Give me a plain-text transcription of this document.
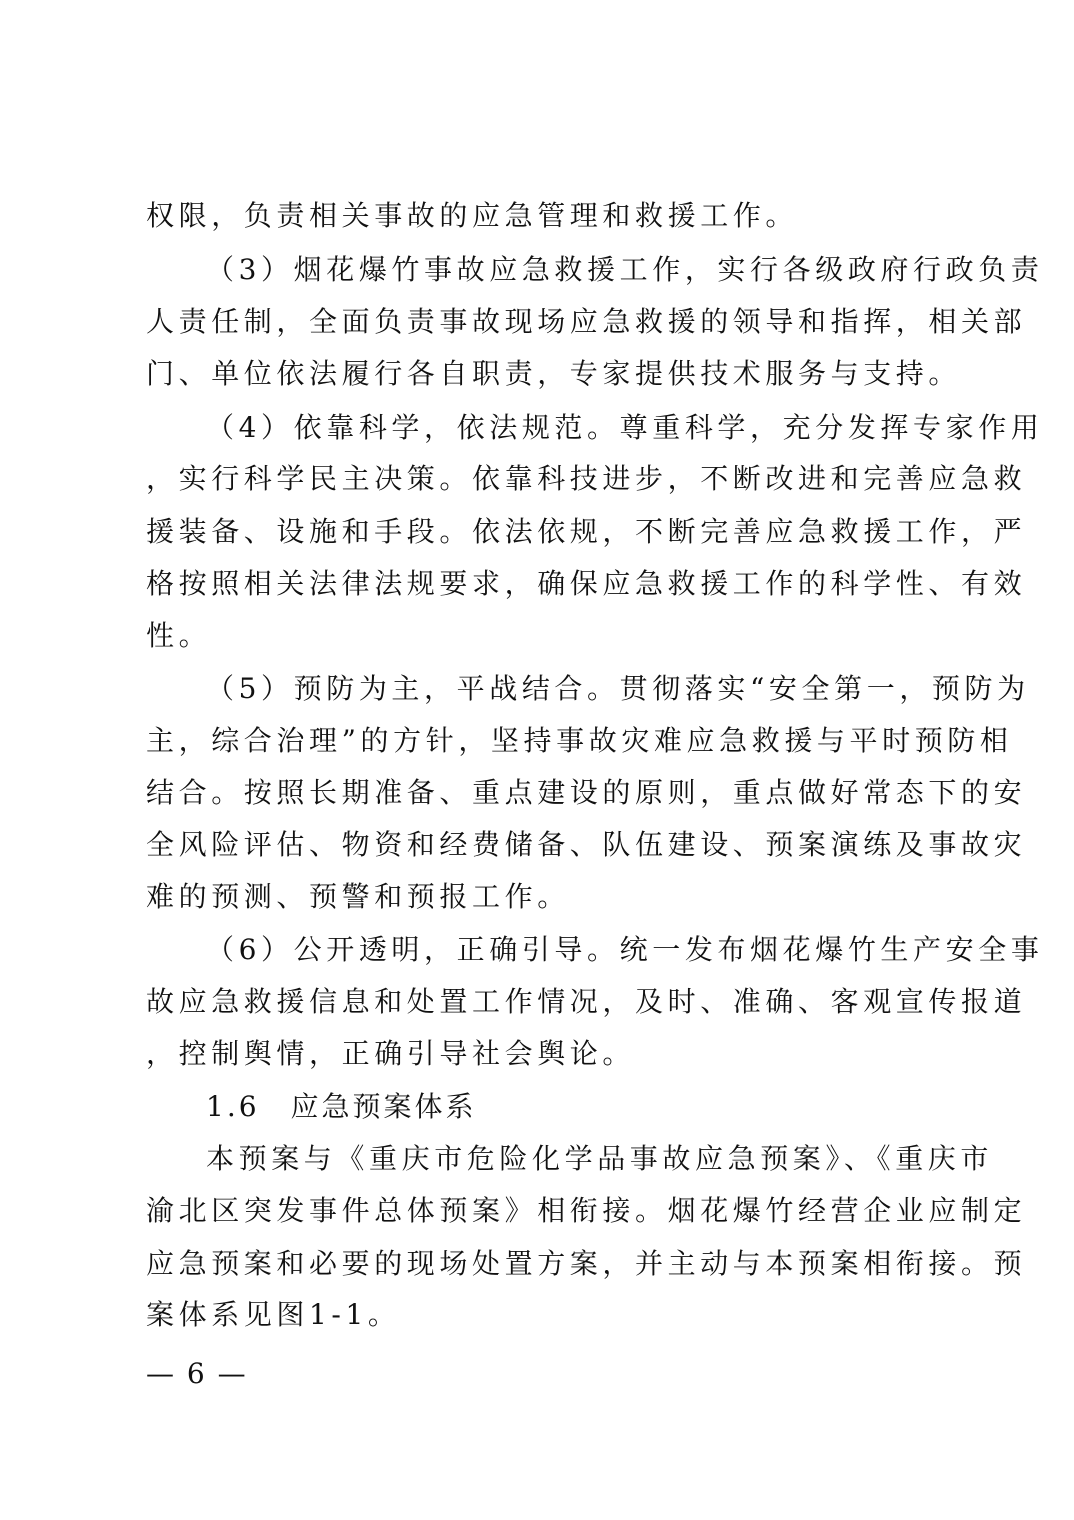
权限，负责相关事故的应急管理和救援工作。
（3）烟花爆竹事故应急救援工作，实行各级政府行政负责
人责任制，全面负责事故现场应急救援的领导和指挥，相关部
门、单位依法履行各自职责，专家提供技术服务与支持。
（4）依靠科学，依法规范。尊重科学，充分发挥专家作用
，实行科学民主决策。依靠科技进步，不断改进和完善应急救
援装备、设施和手段。依法依规，不断完善应急救援工作，严
格按照相关法律法规要求，确保应急救援工作的科学性、有效
性。
（5）预防为主，平战结合。贯彻落实“安全第一，预防为
主，综合治理”的方针，坚持事故灾难应急救援与平时预防相
结合。按照长期准备、重点建设的原则，重点做好常态下的安
全风险评估、物资和经费储备、队伍建设、预案演练及事故灾
难的预测、预警和预报工作。
（6）公开透明，正确引导。统一发布烟花爆竹生产安全事
故应急救援信息和处置工作情况，及时、准确、客观宣传报道
，控制舆情，正确引导社会舆论。
1.6　应急预案体系
本预案与《重庆市危险化学品事故应急预案》、《重庆市
渝北区突发事件总体预案》相衔接。烟花爆竹经营企业应制定
应急预案和必要的现场处置方案，并主动与本预案相衔接。预
案体系见图1-1。
— 6 —
